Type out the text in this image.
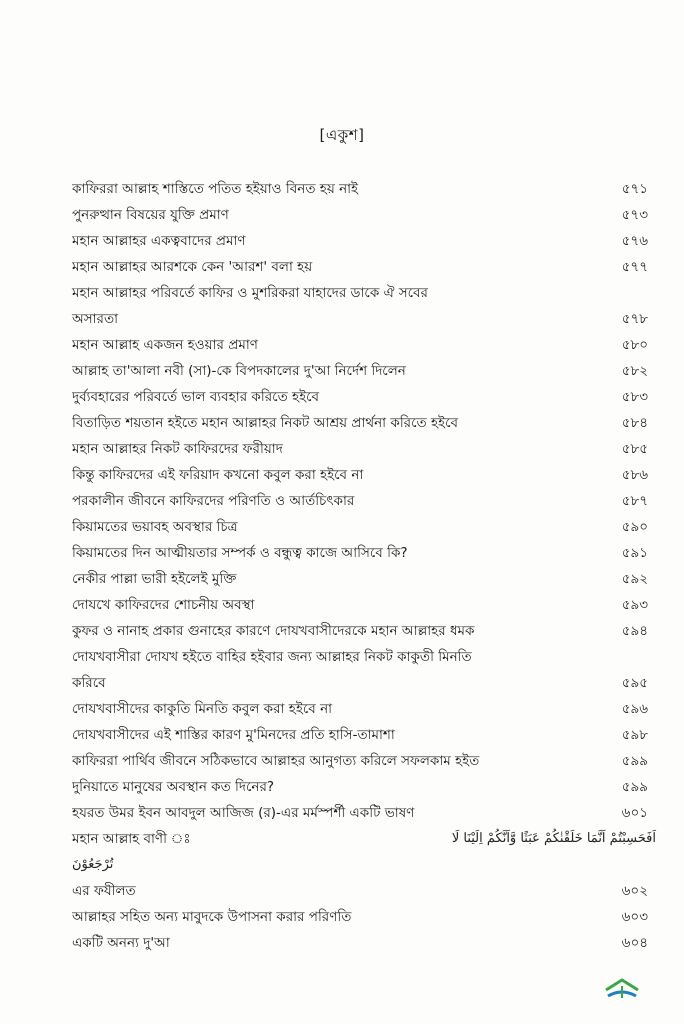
[একুশ]
কাফিররা আল্লাহ শাস্তিতে পতিত হইয়াও বিনত হয় নাই	৫৭১
পুনরুত্থান বিষয়ের যুক্তি প্রমাণ	৫৭৩
মহান আল্লাহর একত্ববাদের প্রমাণ	৫৭৬
মহান আল্লাহর আরশকে কেন 'আরশ' বলা হয়	৫৭৭
মহান আল্লাহর পরিবর্তে কাফির ও মুশরিকরা যাহাদের ডাকে ঐ সবের
অসারতা	৫৭৮
মহান আল্লাহ একজন হওয়ার প্রমাণ	৫৮০
আল্লাহ তা'আলা নবী (সা)-কে বিপদকালের দু'আ নির্দেশ দিলেন	৫৮২
দুর্ব্যবহারের পরিবর্তে ভাল ব্যবহার করিতে হইবে	৫৮৩
বিতাড়িত শয়তান হইতে মহান আল্লাহর নিকট আশ্রয় প্রার্থনা করিতে হইবে	৫৮৪
মহান আল্লাহর নিকট কাফিরদের ফরীয়াদ	৫৮৫
কিন্তু কাফিরদের এই ফরিয়াদ কখনো কবুল করা হইবে না	৫৮৬
পরকালীন জীবনে কাফিরদের পরিণতি ও আর্তচিৎকার	৫৮৭
কিয়ামতের ভয়াবহ অবস্থার চিত্র	৫৯০
কিয়ামতের দিন আত্মীয়তার সম্পর্ক ও বন্ধুত্ব কাজে আসিবে কি?	৫৯১
নেকীর পাল্লা ভারী হইলেই মুক্তি	৫৯২
দোযখে কাফিরদের শোচনীয় অবস্থা	৫৯৩
কুফর ও নানাহ প্রকার গুনাহের কারণে দোযখবাসীদেরকে মহান আল্লাহর ধমক	৫৯৪
দোযখবাসীরা দোযখ হইতে বাহির হইবার জন্য আল্লাহর নিকট কাকুতী মিনতি
করিবে	৫৯৫
দোযখবাসীদের কাকুতি মিনতি কবুল করা হইবে না	৫৯৬
দোযখবাসীদের এই শাস্তির কারণ মু'মিনদের প্রতি হাসি-তামাশা	৫৯৮
কাফিররা পার্থিব জীবনে সঠিকভাবে আল্লাহর আনুগত্য করিলে সফলকাম হইত	৫৯৯
দুনিয়াতে মানুষের অবস্থান কত দিনের?	৫৯৯
হযরত উমর ইবন আবদুল আজিজ (র)-এর মর্মস্পর্শী একটি ভাষণ	৬০১
মহান আল্লাহ বাণী ঃ	اَفَحَسِبْتُمْ اَنَّمَا خَلَقْنٰكُمْ عَبَثًا وَّاَنَّكُمْ اِلَيْنَا لَا
تُرْجَعُوْنَ
এর ফযীলত	৬০২
আল্লাহর সহিত অন্য মাবুদকে উপাসনা করার পরিণতি	৬০৩
একটি অনন্য দু'আ	৬০৪
